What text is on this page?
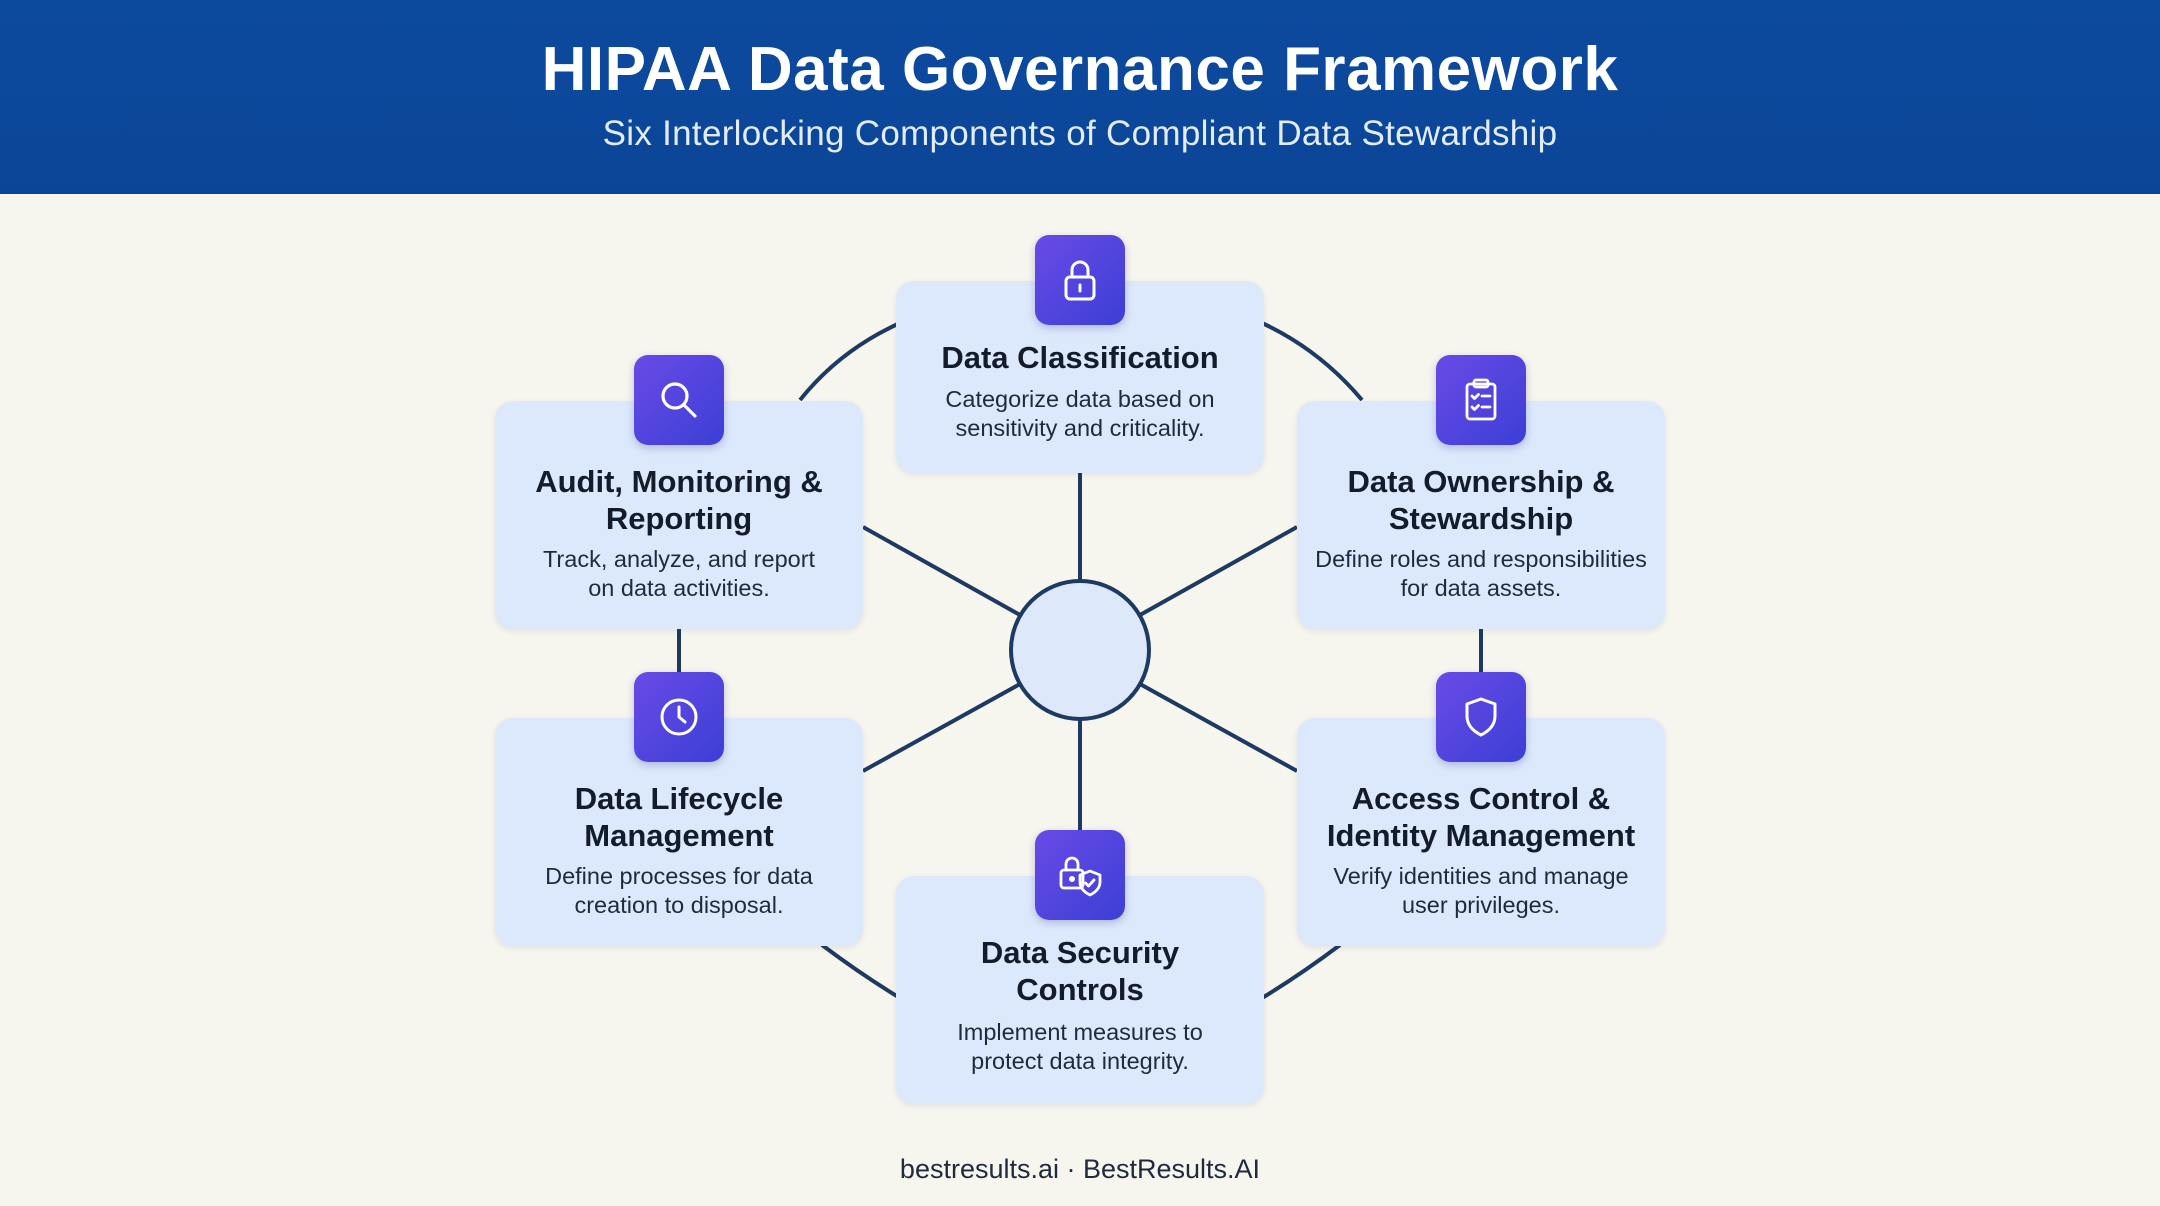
HIPAA Data Governance Framework
Six Interlocking Components of Compliant Data Stewardship
Data Classification
Categorize data based on sensitivity and criticality.
Audit, Monitoring & Reporting
Track, analyze, and report on data activities.
Data Ownership & Stewardship
Define roles and responsibilities for data assets.
Data Lifecycle Management
Define processes for data creation to disposal.
Access Control & Identity Management
Verify identities and manage user privileges.
Data Security Controls
Implement measures to protect data integrity.
bestresults.ai · BestResults.AI
